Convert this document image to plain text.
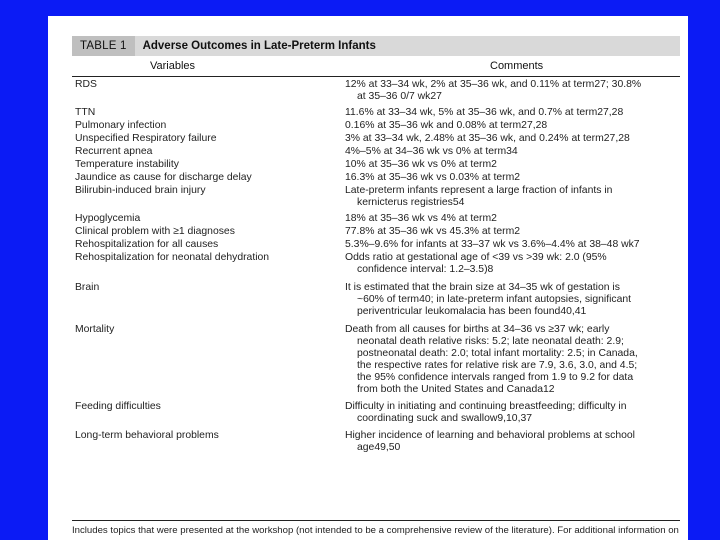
TABLE 1	Adverse Outcomes in Late-Preterm Infants
Variables	Comments
RDS	12% at 33–34 wk, 2% at 35–36 wk, and 0.11% at term27; 30.8%
at 35–36 0/7 wk27
TTN	11.6% at 33–34 wk, 5% at 35–36 wk, and 0.7% at term27,28
Pulmonary infection	0.16% at 35–36 wk and 0.08% at term27,28
Unspecified Respiratory failure	3% at 33–34 wk, 2.48% at 35–36 wk, and 0.24% at term27,28
Recurrent apnea	4%–5% at 34–36 wk vs 0% at term34
Temperature instability	10% at 35–36 wk vs 0% at term2
Jaundice as cause for discharge delay	16.3% at 35–36 wk vs 0.03% at term2
Bilirubin-induced brain injury	Late-preterm infants represent a large fraction of infants in
kernicterus registries54
Hypoglycemia	18% at 35–36 wk vs 4% at term2
Clinical problem with ≥1 diagnoses	77.8% at 35–36 wk vs 45.3% at term2
Rehospitalization for all causes	5.3%–9.6% for infants at 33–37 wk vs 3.6%–4.4% at 38–48 wk7
Rehospitalization for neonatal dehydration	Odds ratio at gestational age of <39 vs >39 wk: 2.0 (95%
confidence interval: 1.2–3.5)8
Brain	It is estimated that the brain size at 34–35 wk of gestation is
~60% of term40; in late-preterm infant autopsies, significant
periventricular leukomalacia has been found40,41
Mortality	Death from all causes for births at 34–36 vs ≥37 wk; early
neonatal death relative risks: 5.2; late neonatal death: 2.9;
postneonatal death: 2.0; total infant mortality: 2.5; in Canada,
the respective rates for relative risk are 7.9, 3.6, 3.0, and 4.5;
the 95% confidence intervals ranged from 1.9 to 9.2 for data
from both the United States and Canada12
Feeding difficulties	Difficulty in initiating and continuing breastfeeding; difficulty in
coordinating suck and swallow9,10,37
Long-term behavioral problems	Higher incidence of learning and behavioral problems at school
age49,50
Includes topics that were presented at the workshop (not intended to be a comprehensive review of the literature). For additional information on
